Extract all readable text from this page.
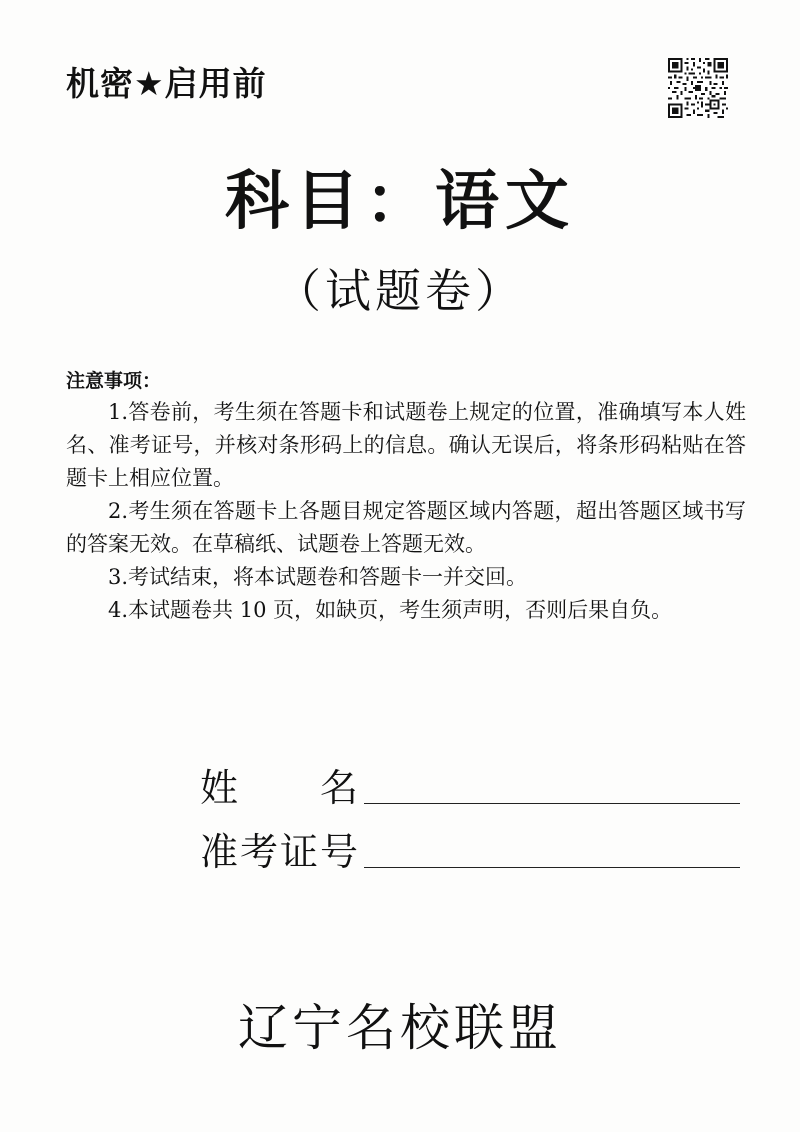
机密★启用前
科目：语文
（试题卷）
注意事项：

1.答卷前，考生须在答题卡和试题卷上规定的位置，准确填写本人姓名、准考证号，并核对条形码上的信息。确认无误后，将条形码粘贴在答题卡上相应位置。

2.考生须在答题卡上各题目规定答题区域内答题，超出答题区域书写的答案无效。在草稿纸、试题卷上答题无效。

3.考试结束，将本试题卷和答题卡一并交回。

4.本试题卷共 10 页，如缺页，考生须声明，否则后果自负。

姓名
准考证号
辽宁名校联盟
